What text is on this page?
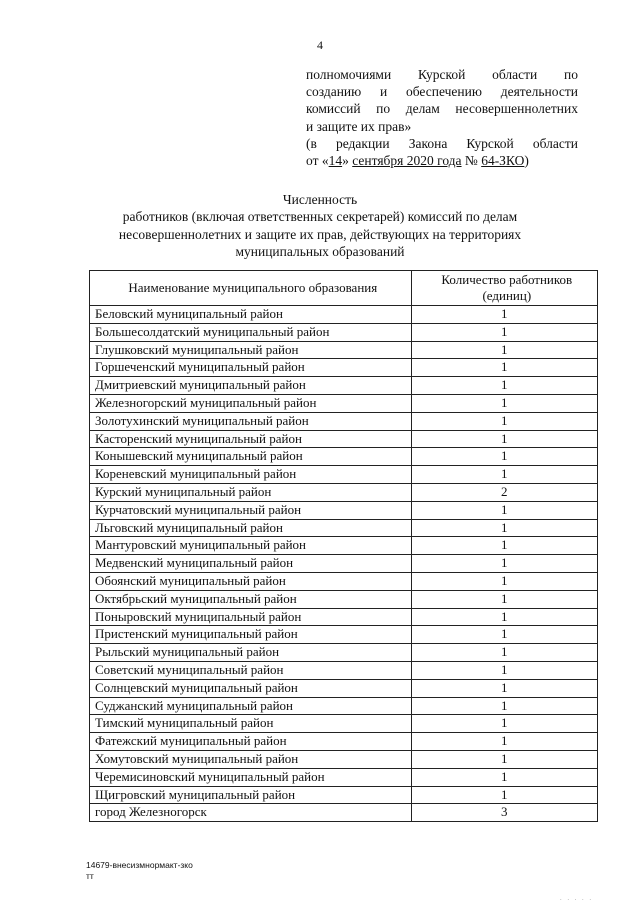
4
полномочиями Курской области по
созданию и обеспечению деятельности
комиссий по делам несовершеннолетних
и защите их прав»
(в редакции Закона Курской области
от «14» сентября 2020 года № 64-ЗКО)
Численность
работников (включая ответственных секретарей) комиссий по делам
несовершеннолетних и защите их прав, действующих на территориях
муниципальных образований
Наименование муниципального образования	Количество работников
(единиц)
Беловский муниципальный район	1
Большесолдатский муниципальный район	1
Глушковский муниципальный район	1
Горшеченский муниципальный район	1
Дмитриевский муниципальный район	1
Железногорский муниципальный район	1
Золотухинский муниципальный район	1
Касторенский муниципальный район	1
Конышевский муниципальный район	1
Кореневский муниципальный район	1
Курский муниципальный район	2
Курчатовский муниципальный район	1
Льговский муниципальный район	1
Мантуровский муниципальный район	1
Медвенский муниципальный район	1
Обоянский муниципальный район	1
Октябрьский муниципальный район	1
Поныровский муниципальный район	1
Пристенский муниципальный район	1
Рыльский муниципальный район	1
Советский муниципальный район	1
Солнцевский муниципальный район	1
Суджанский муниципальный район	1
Тимский муниципальный район	1
Фатежский муниципальный район	1
Хомутовский муниципальный район	1
Черемисиновский муниципальный район	1
Щигровский муниципальный район	1
город Железногорск	3
14679-внесизмнормакт-зко
тт
. . . . .
